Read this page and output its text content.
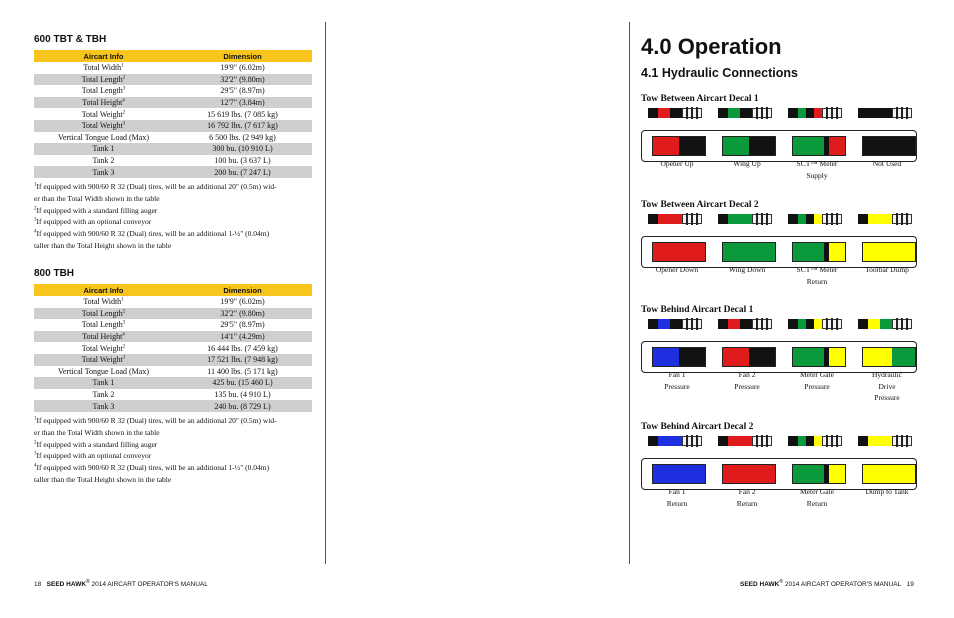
600 TBT & TBH
Aircart Info	Dimension
Total Width$^1$	19'9" (6.02m)
Total Length$^2$	32'2" (9.80m)
Total Length$^3$	29'5" (8.97m)
Total Height$^4$	12'7" (3.84m)
Total Weight$^2$	15 619 lbs. (7 085 kg)
Total Weight$^3$	16 792 lbs. (7 617 kg)
Vertical Tongue Load (Max)	6 500 lbs. (2 949 kg)
Tank 1	300 bu. (10 910 L)
Tank 2	100 bu. (3 637 L)
Tank 3	200 bu. (7 247 L)
$^1$If equipped with 900/60 R 32 (Dual) tires, will be an additional 20" (0.5m) wid-
er than the Total Width shown in the table
$^2$If equipped with a standard filling auger
$^3$If equipped with an optional conveyor
$^4$If equipped with 900/60 R 32 (Dual) tires, will be an additional 1-½" (0.04m)
taller than the Total Height shown in the table
800 TBH
Aircart Info	Dimension
Total Width$^1$	19'9" (6.02m)
Total Length$^2$	32'2" (9.80m)
Total Length$^3$	29'5" (8.97m)
Total Height$^4$	14'1" (4.29m)
Total Weight$^2$	16 444 lbs. (7 459 kg)
Total Weight$^3$	17 521 lbs. (7 948 kg)
Vertical Tongue Load (Max)	11 400 lbs. (5 171 kg)
Tank 1	425 bu. (15 460 L)
Tank 2	135 bu. (4 910 L)
Tank 3	240 bu. (8 729 L)
$^1$If equipped with 900/60 R 32 (Dual) tires, will be an additional 20" (0.5m) wid-
er than the Total Width shown in the table
$^2$If equipped with a standard filling auger
$^3$If equipped with an optional conveyor
$^4$If equipped with 900/60 R 32 (Dual) tires, will be an additional 1-½" (0.04m)
taller than the Total Height shown in the table
18 SEED HAWK® 2014 AIRCART OPERATOR'S MANUAL
4.0 Operation
4.1 Hydraulic Connections
Tow Between Aircart Decal 1
Opener Up	Wing Up	SCT™ Meter
Supply
Not Used
Tow Between Aircart Decal 2
Opener Down	Wing Down	SCT™ Meter
Return
Toolbar Dump
Tow Behind Aircart Decal 1
Fan 1
Pressure
Fan 2
Pressure
Meter Gate
Pressure
Hydraulic
Drive
Pressure
Tow Behind Aircart Decal 2
Fan 1
Return
Fan 2
Return
Meter Gate
Return
Dump to Tank
SEED HAWK® 2014 AIRCART OPERATOR'S MANUAL 19
